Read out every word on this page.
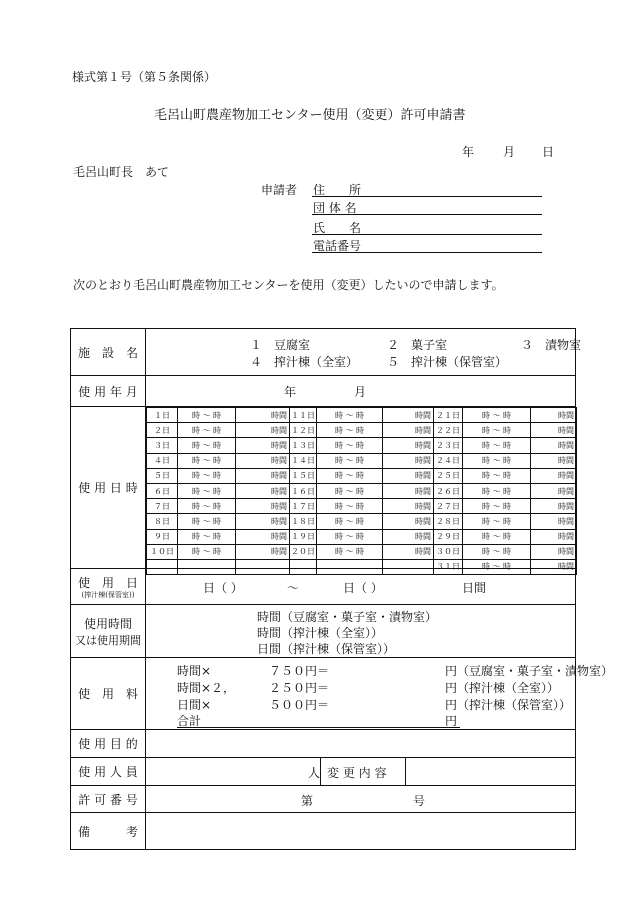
様式第１号（第５条関係）
毛呂山町農産物加工センター使用（変更）許可申請書
年 月 日
毛呂山町長　あて
申請者 住　　所
団 体 名
氏　　名
電話番号
次のとおり毛呂山町農産物加工センターを使用（変更）したいので申請します。
施　設　名
１　豆腐室	２　菓子室	３　漬物室
４　搾汁棟（全室） ５　搾汁棟（保管室）
使 用 年 月	年	月
使 用 日 時
１日	時 ～ 時	時間	１１日	時 ～ 時	時間	２１日	時 ～ 時	時間
２日	時 ～ 時	時間	１２日	時 ～ 時	時間	２２日	時 ～ 時	時間
３日	時 ～ 時	時間	１３日	時 ～ 時	時間	２３日	時 ～ 時	時間
４日	時 ～ 時	時間	１４日	時 ～ 時	時間	２４日	時 ～ 時	時間
５日	時 ～ 時	時間	１５日	時 ～ 時	時間	２５日	時 ～ 時	時間
６日	時 ～ 時	時間	１６日	時 ～ 時	時間	２６日	時 ～ 時	時間
７日	時 ～ 時	時間	１７日	時 ～ 時	時間	２７日	時 ～ 時	時間
８日	時 ～ 時	時間	１８日	時 ～ 時	時間	２８日	時 ～ 時	時間
９日	時 ～ 時	時間	１９日	時 ～ 時	時間	２９日	時 ～ 時	時間
１０日	時 ～ 時	時間	２０日	時 ～ 時	時間	３０日	時 ～ 時	時間
						３１日	時 ～ 時	時間
使　用　日
(搾汁棟(保管室))	日（ ）	～	日（ ）	日間
使用時間
又は使用期間
時間（豆腐室・菓子室・漬物室）
時間（搾汁棟（全室））
日間（搾汁棟（保管室））
使　用　料
時間×	７５０円＝	円（豆腐室・菓子室・漬物室）
時間×２，	２５０円＝	円（搾汁棟（全室））
日間×	５００円＝	円（搾汁棟（保管室））
合計	円
使 用 目 的
使 用 人 員	人 変 更 内 容
許 可 番 号	第	号
備　　　考
